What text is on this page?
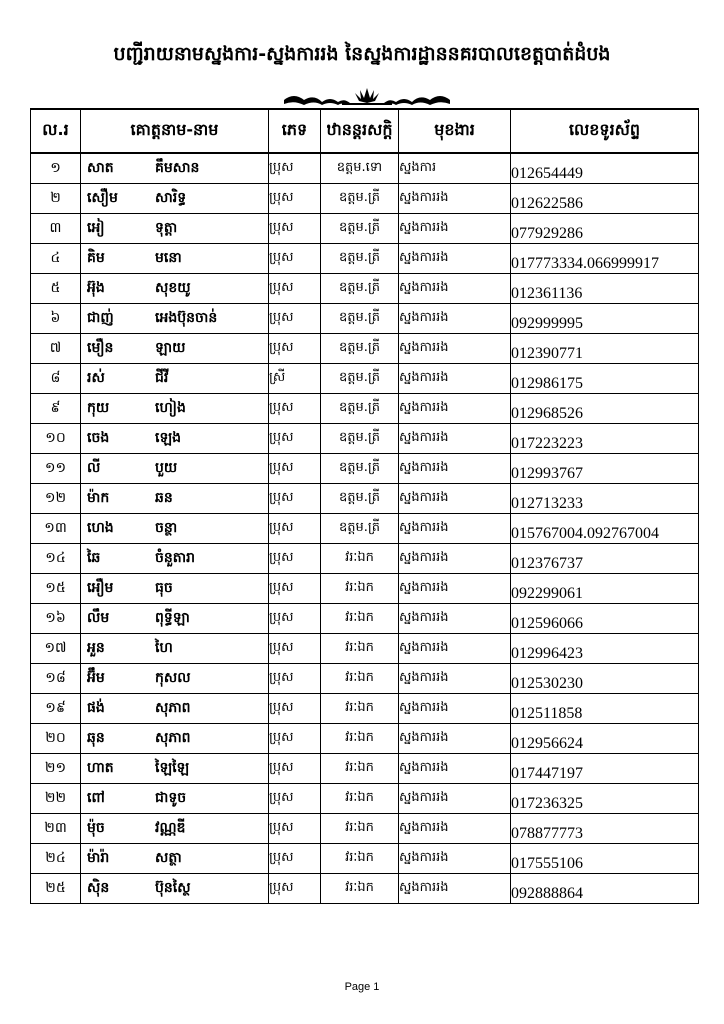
បញ្ជីរាយនាមស្នងការ-ស្នងការរង នៃស្នងការដ្ឋាននគរបាលខេត្តបាត់ដំបង
ល.រ	គោត្តនាម-នាម	ភេទ	ឋានន្តរសក្តិ	មុខងារ	លេខទូរស័ព្ទ
១	សាត គឹមសាន	ប្រុស	ឧត្តម.ទោ	ស្នងការ	012654449
២	សឿម សារិទ្ធ	ប្រុស	ឧត្តម.ត្រី	ស្នងការរង	012622586
៣	អៀ ទុត្តា	ប្រុស	ឧត្តម.ត្រី	ស្នងការរង	077929286
៤	គិម មនោ	ប្រុស	ឧត្តម.ត្រី	ស្នងការរង	017773334.066999917
៥	អ៊ុង សុខយូ	ប្រុស	ឧត្តម.ត្រី	ស្នងការរង	012361136
៦	ជាញ់ អេងប៊ុនចាន់	ប្រុស	ឧត្តម.ត្រី	ស្នងការរង	092999995
៧	មឿន ឡាយ	ប្រុស	ឧត្តម.ត្រី	ស្នងការរង	012390771
៨	រស់ ជីវី	ស្រី	ឧត្តម.ត្រី	ស្នងការរង	012986175
៩	កុយ ហៀង	ប្រុស	ឧត្តម.ត្រី	ស្នងការរង	012968526
១០	ចេង ឡេង	ប្រុស	ឧត្តម.ត្រី	ស្នងការរង	017223223
១១	លី បួយ	ប្រុស	ឧត្តម.ត្រី	ស្នងការរង	012993767
១២	ម៉ាក ឆន	ប្រុស	ឧត្តម.ត្រី	ស្នងការរង	012713233
១៣	ហេង ចន្ថា	ប្រុស	ឧត្តម.ត្រី	ស្នងការរង	015767004.092767004
១៤	ឆៃ ចំនួតារា	ប្រុស	វរៈឯក	ស្នងការរង	012376737
១៥	អឿម ធុច	ប្រុស	វរៈឯក	ស្នងការរង	092299061
១៦	លឹម ពុទ្ធីឡា	ប្រុស	វរៈឯក	ស្នងការរង	012596066
១៧	អួន ហៃ	ប្រុស	វរៈឯក	ស្នងការរង	012996423
១៨	អ៊ឹម កុសល	ប្រុស	វរៈឯក	ស្នងការរង	012530230
១៩	ផង់ សុភាព	ប្រុស	វរៈឯក	ស្នងការរង	012511858
២០	ឆុន សុភាព	ប្រុស	វរៈឯក	ស្នងការរង	012956624
២១	ហាត ឡៃឡៃ	ប្រុស	វរៈឯក	ស្នងការរង	017447197
២២	ពៅ ជាទូច	ប្រុស	វរៈឯក	ស្នងការរង	017236325
២៣	ម៉ុច វណ្ណឌី	ប្រុស	វរៈឯក	ស្នងការរង	078877773
២៤	ម៉ារ៉ា សត្ថា	ប្រុស	វរៈឯក	ស្នងការរង	017555106
២៥	ស៊ិន ប៊ុនស្ថៃ	ប្រុស	វរៈឯក	ស្នងការរង	092888864
Page 1
